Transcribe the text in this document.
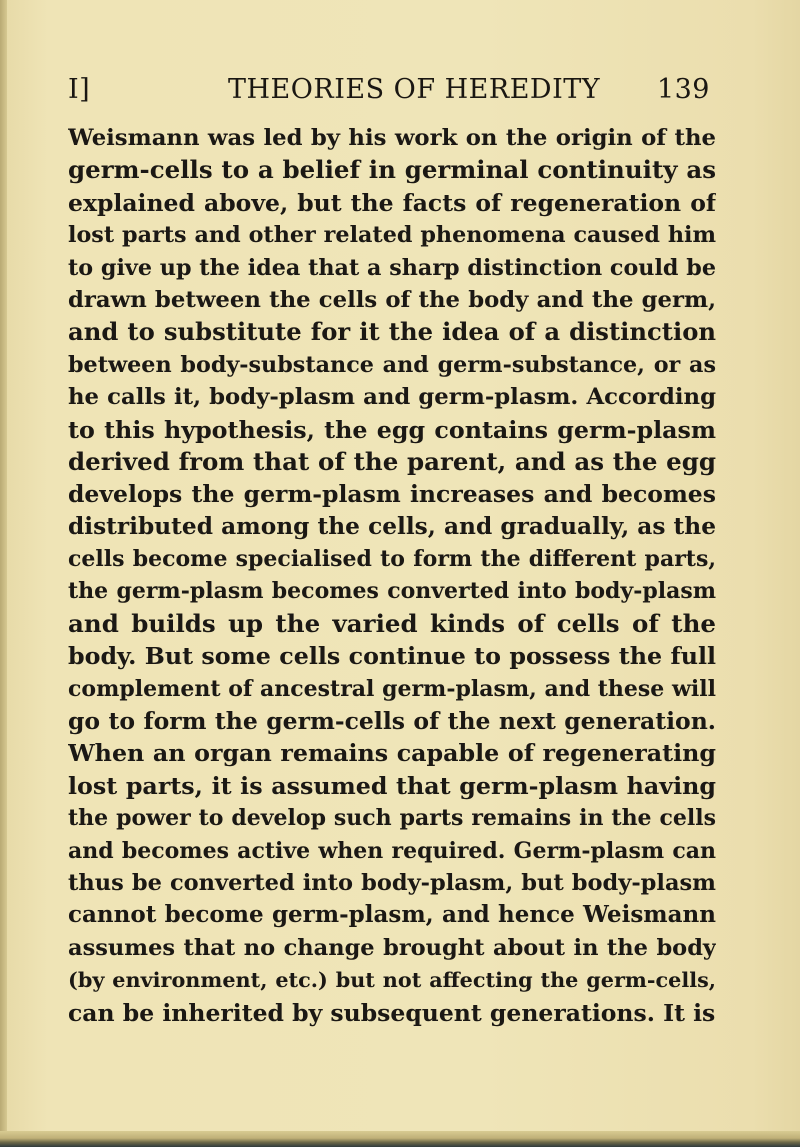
I]	THEORIES OF HEREDITY 139
Weismann was led by his work on the origin of the
germ-cells to a belief in germinal continuity as
explained above, but the facts of regeneration of
lost parts and other related phenomena caused him
to give up the idea that a sharp distinction could be
drawn between the cells of the body and the germ,
and to substitute for it the idea of a distinction
between body-substance and germ-substance, or as
he calls it, body-plasm and germ-plasm. According
to this hypothesis, the egg contains germ-plasm
derived from that of the parent, and as the egg
develops the germ-plasm increases and becomes
distributed among the cells, and gradually, as the
cells become specialised to form the different parts,
the germ-plasm becomes converted into body-plasm
and builds up the varied kinds of cells of the
body. But some cells continue to possess the full
complement of ancestral germ-plasm, and these will
go to form the germ-cells of the next generation.
When an organ remains capable of regenerating
lost parts, it is assumed that germ-plasm having
the power to develop such parts remains in the cells
and becomes active when required. Germ-plasm can
thus be converted into body-plasm, but body-plasm
cannot become germ-plasm, and hence Weismann
assumes that no change brought about in the body
(by environment, etc.) but not affecting the germ-cells,
can be inherited by subsequent generations. It is
